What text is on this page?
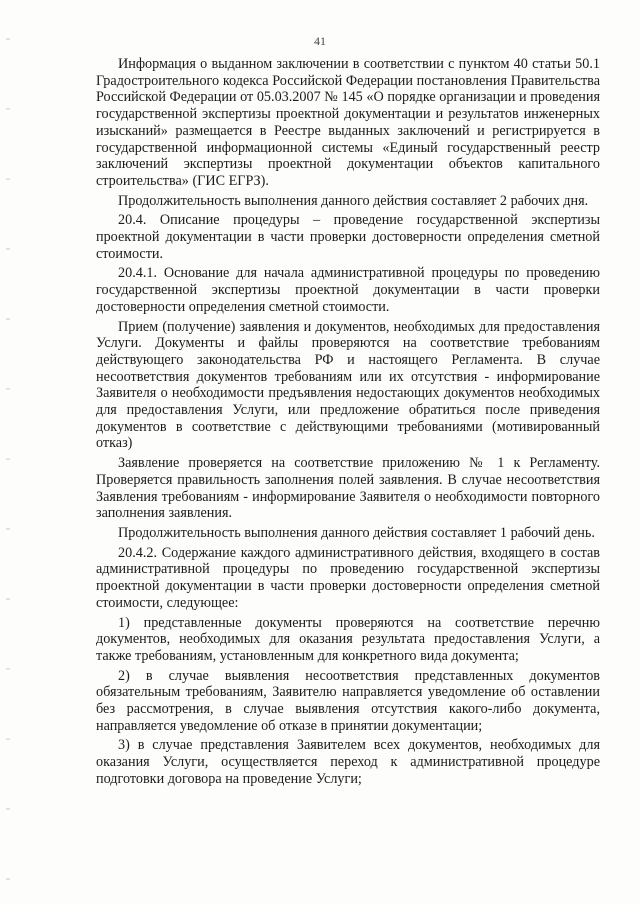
41

Информация о выданном заключении в соответствии с пунктом 40 статьи 50.1 Градостроительного кодекса Российской Федерации постановления Правительства Российской Федерации от 05.03.2007 № 145 «О порядке организации и проведения государственной экспертизы проектной документации и результатов инженерных изысканий» размещается в Реестре выданных заключений и регистрируется в государственной информационной системы «Единый государственный реестр заключений экспертизы проектной документации объектов капитального строительства» (ГИС ЕГРЗ).

Продолжительность выполнения данного действия составляет 2 рабочих дня.

20.4. Описание процедуры – проведение государственной экспертизы проектной документации в части проверки достоверности определения сметной стоимости.

20.4.1. Основание для начала административной процедуры по проведению государственной экспертизы проектной документации в части проверки достоверности определения сметной стоимости.

Прием (получение) заявления и документов, необходимых для предоставления Услуги. Документы и файлы проверяются на соответствие требованиям действующего законодательства РФ и настоящего Регламента. В случае несоответствия документов требованиям или их отсутствия - информирование Заявителя о необходимости предъявления недостающих документов необходимых для предоставления Услуги, или предложение обратиться после приведения документов в соответствие с действующими требованиями (мотивированный отказ)

Заявление проверяется на соответствие приложению № 1 к Регламенту. Проверяется правильность заполнения полей заявления. В случае несоответствия Заявления требованиям - информирование Заявителя о необходимости повторного заполнения заявления.

Продолжительность выполнения данного действия составляет 1 рабочий день.

20.4.2. Содержание каждого административного действия, входящего в состав административной процедуры по проведению государственной экспертизы проектной документации в части проверки достоверности определения сметной стоимости, следующее:

1) представленные документы проверяются на соответствие перечню документов, необходимых для оказания результата предоставления Услуги, а также требованиям, установленным для конкретного вида документа;

2) в случае выявления несоответствия представленных документов обязательным требованиям, Заявителю направляется уведомление об оставлении без рассмотрения, в случае выявления отсутствия какого-либо документа, направляется уведомление об отказе в принятии документации;

3) в случае представления Заявителем всех документов, необходимых для оказания Услуги, осуществляется переход к административной процедуре подготовки договора на проведение Услуги;
